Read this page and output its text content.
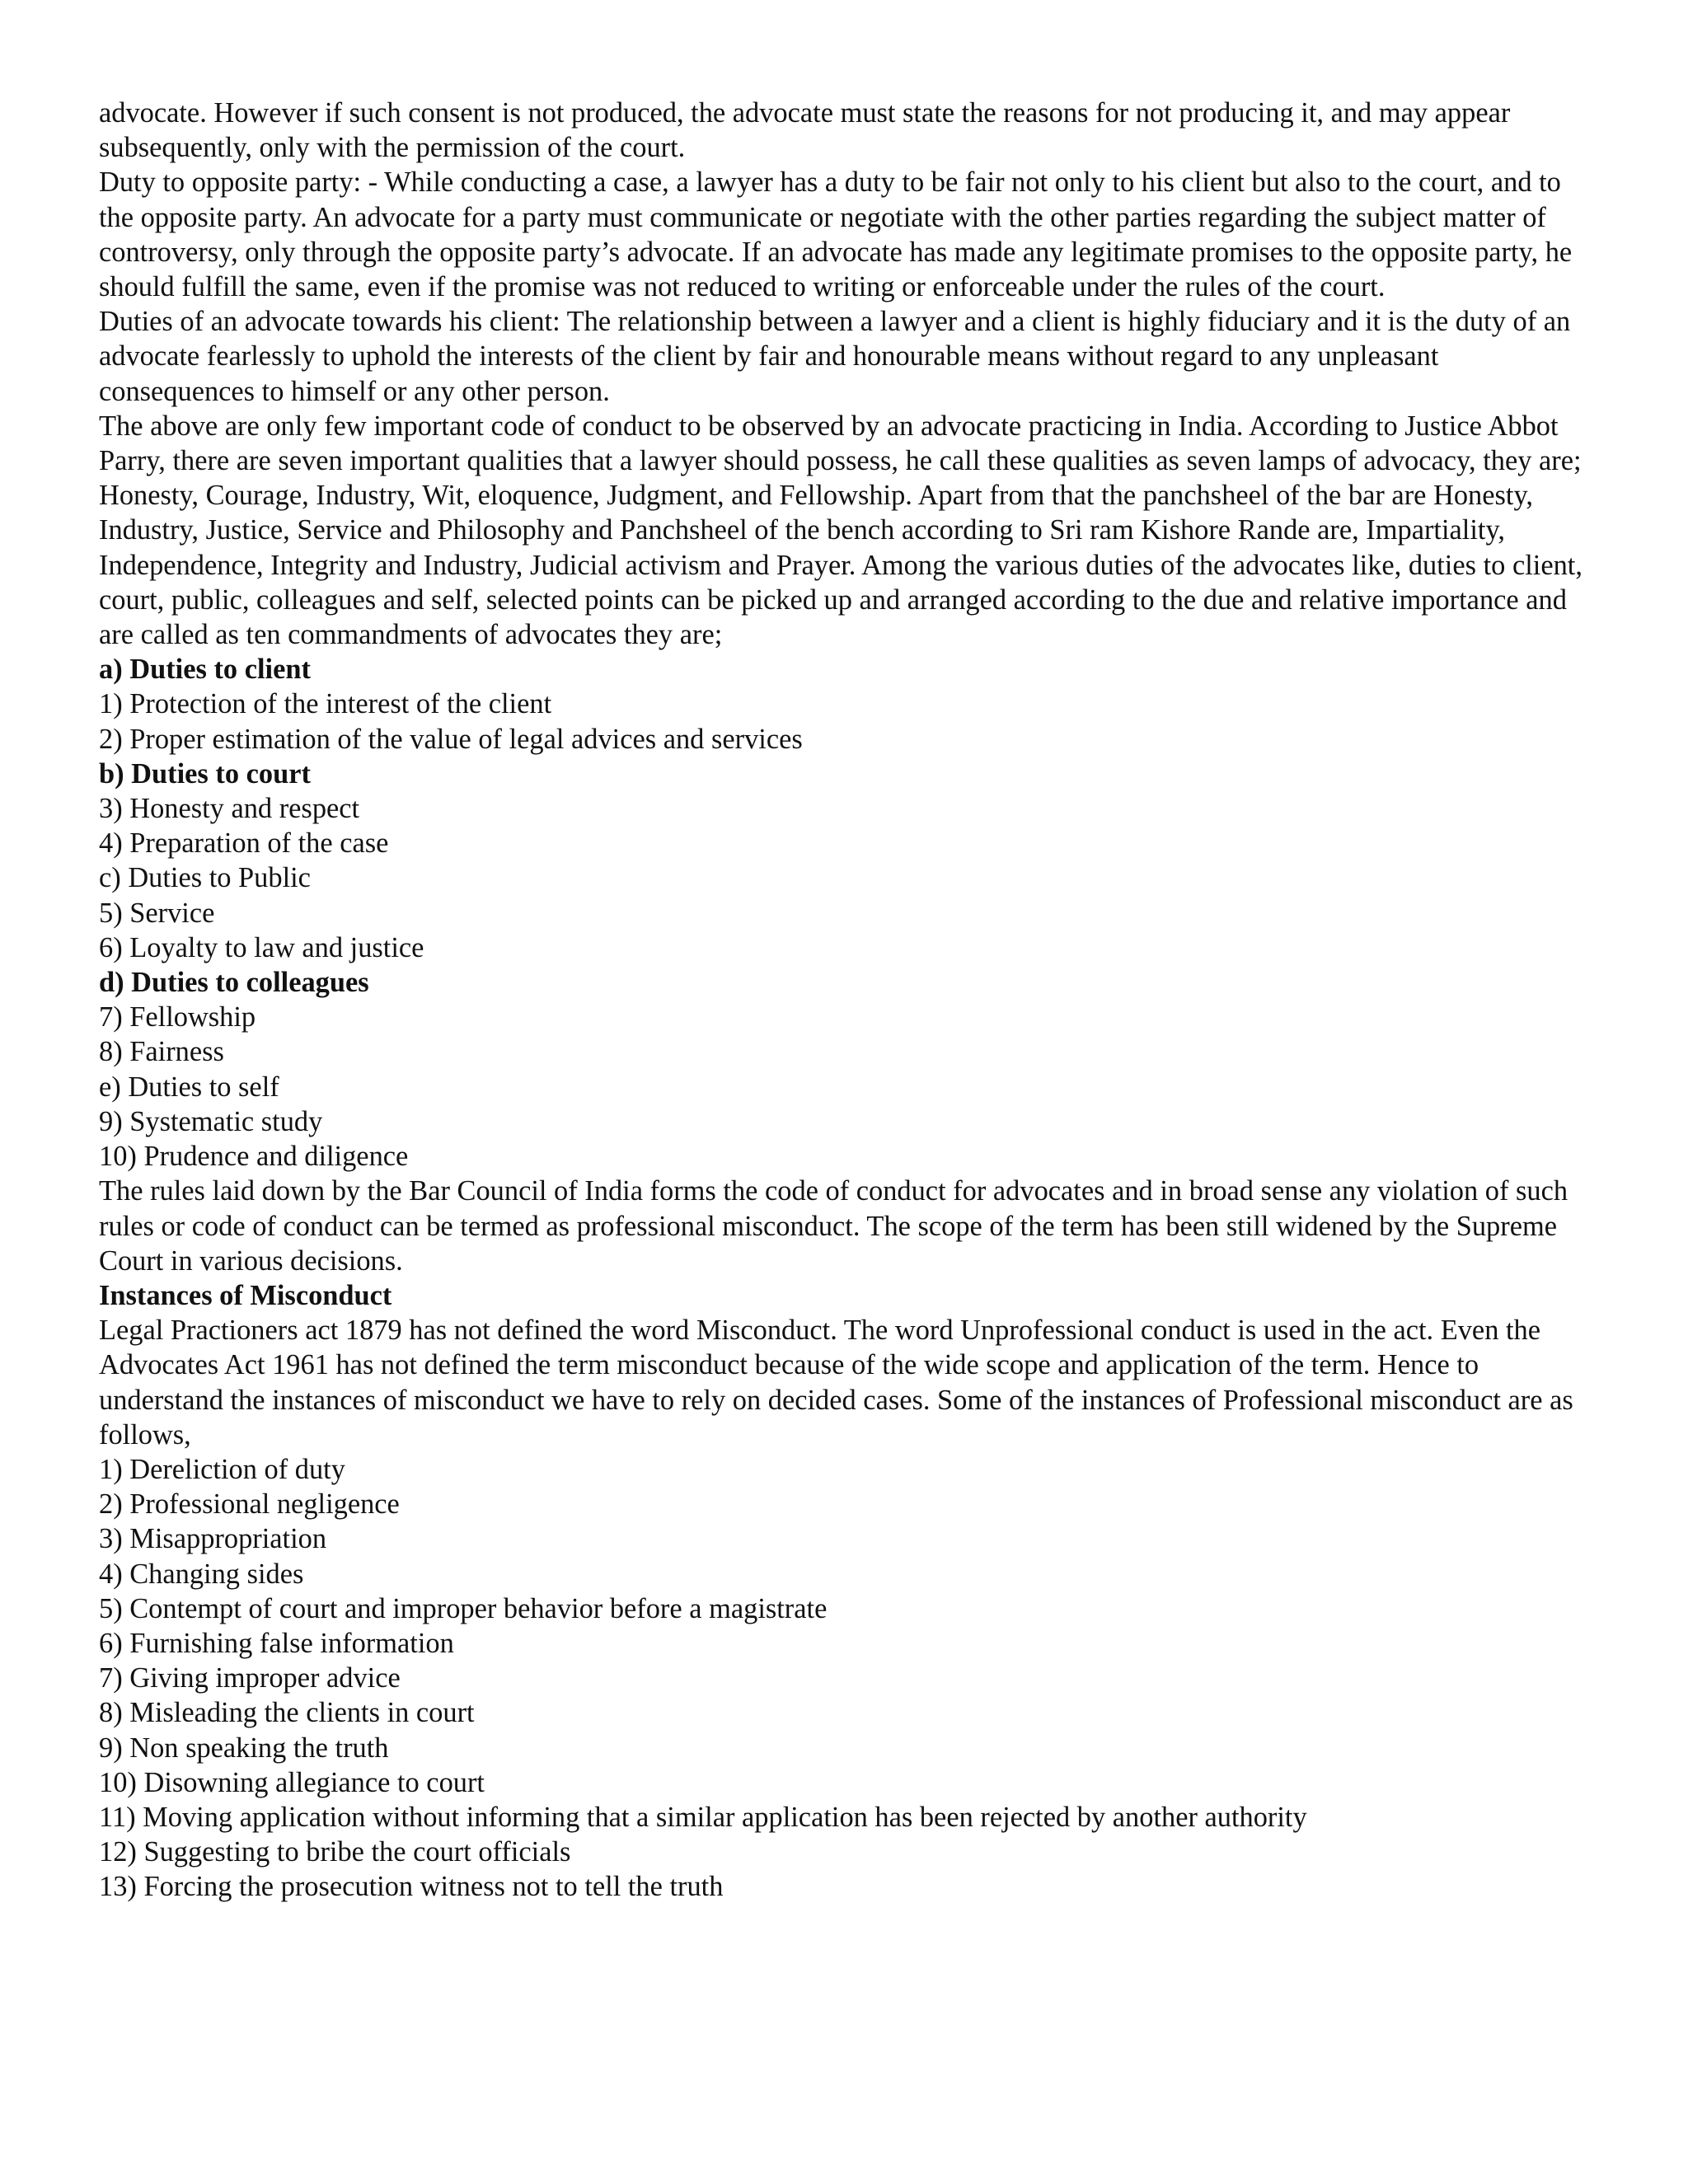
advocate. However if such consent is not produced, the advocate must state the reasons for not producing it, and may appear subsequently, only with the permission of the court.

Duty to opposite party: - While conducting a case, a lawyer has a duty to be fair not only to his client but also to the court, and to the opposite party. An advocate for a party must communicate or negotiate with the other parties regarding the subject matter of controversy, only through the opposite party’s advocate. If an advocate has made any legitimate promises to the opposite party, he should fulfill the same, even if the promise was not reduced to writing or enforceable under the rules of the court.

Duties of an advocate towards his client: The relationship between a lawyer and a client is highly fiduciary and it is the duty of an advocate fearlessly to uphold the interests of the client by fair and honourable means without regard to any unpleasant consequences to himself or any other person.

The above are only few important code of conduct to be observed by an advocate practicing in India. According to Justice Abbot Parry, there are seven important qualities that a lawyer should possess, he call these qualities as seven lamps of advocacy, they are; Honesty, Courage, Industry, Wit, eloquence, Judgment, and Fellowship. Apart from that the panchsheel of the bar are Honesty, Industry, Justice, Service and Philosophy and Panchsheel of the bench according to Sri ram Kishore Rande are, Impartiality, Independence, Integrity and Industry, Judicial activism and Prayer. Among the various duties of the advocates like, duties to client, court, public, colleagues and self, selected points can be picked up and arranged according to the due and relative importance and are called as ten commandments of advocates they are;

a) Duties to client
1) Protection of the interest of the client
2) Proper estimation of the value of legal advices and services
b) Duties to court
3) Honesty and respect
4) Preparation of the case
c) Duties to Public
5) Service
6) Loyalty to law and justice
d) Duties to colleagues
7) Fellowship
8) Fairness
e) Duties to self
9) Systematic study
10) Prudence and diligence

The rules laid down by the Bar Council of India forms the code of conduct for advocates and in broad sense any violation of such rules or code of conduct can be termed as professional misconduct. The scope of the term has been still widened by the Supreme Court in various decisions.

Instances of Misconduct

Legal Practioners act 1879 has not defined the word Misconduct. The word Unprofessional conduct is used in the act. Even the Advocates Act 1961 has not defined the term misconduct because of the wide scope and application of the term. Hence to understand the instances of misconduct we have to rely on decided cases. Some of the instances of Professional misconduct are as follows,

1) Dereliction of duty
2) Professional negligence
3) Misappropriation
4) Changing sides
5) Contempt of court and improper behavior before a magistrate
6) Furnishing false information
7) Giving improper advice
8) Misleading the clients in court
9) Non speaking the truth
10) Disowning allegiance to court
11) Moving application without informing that a similar application has been rejected by another authority
12) Suggesting to bribe the court officials
13) Forcing the prosecution witness not to tell the truth
